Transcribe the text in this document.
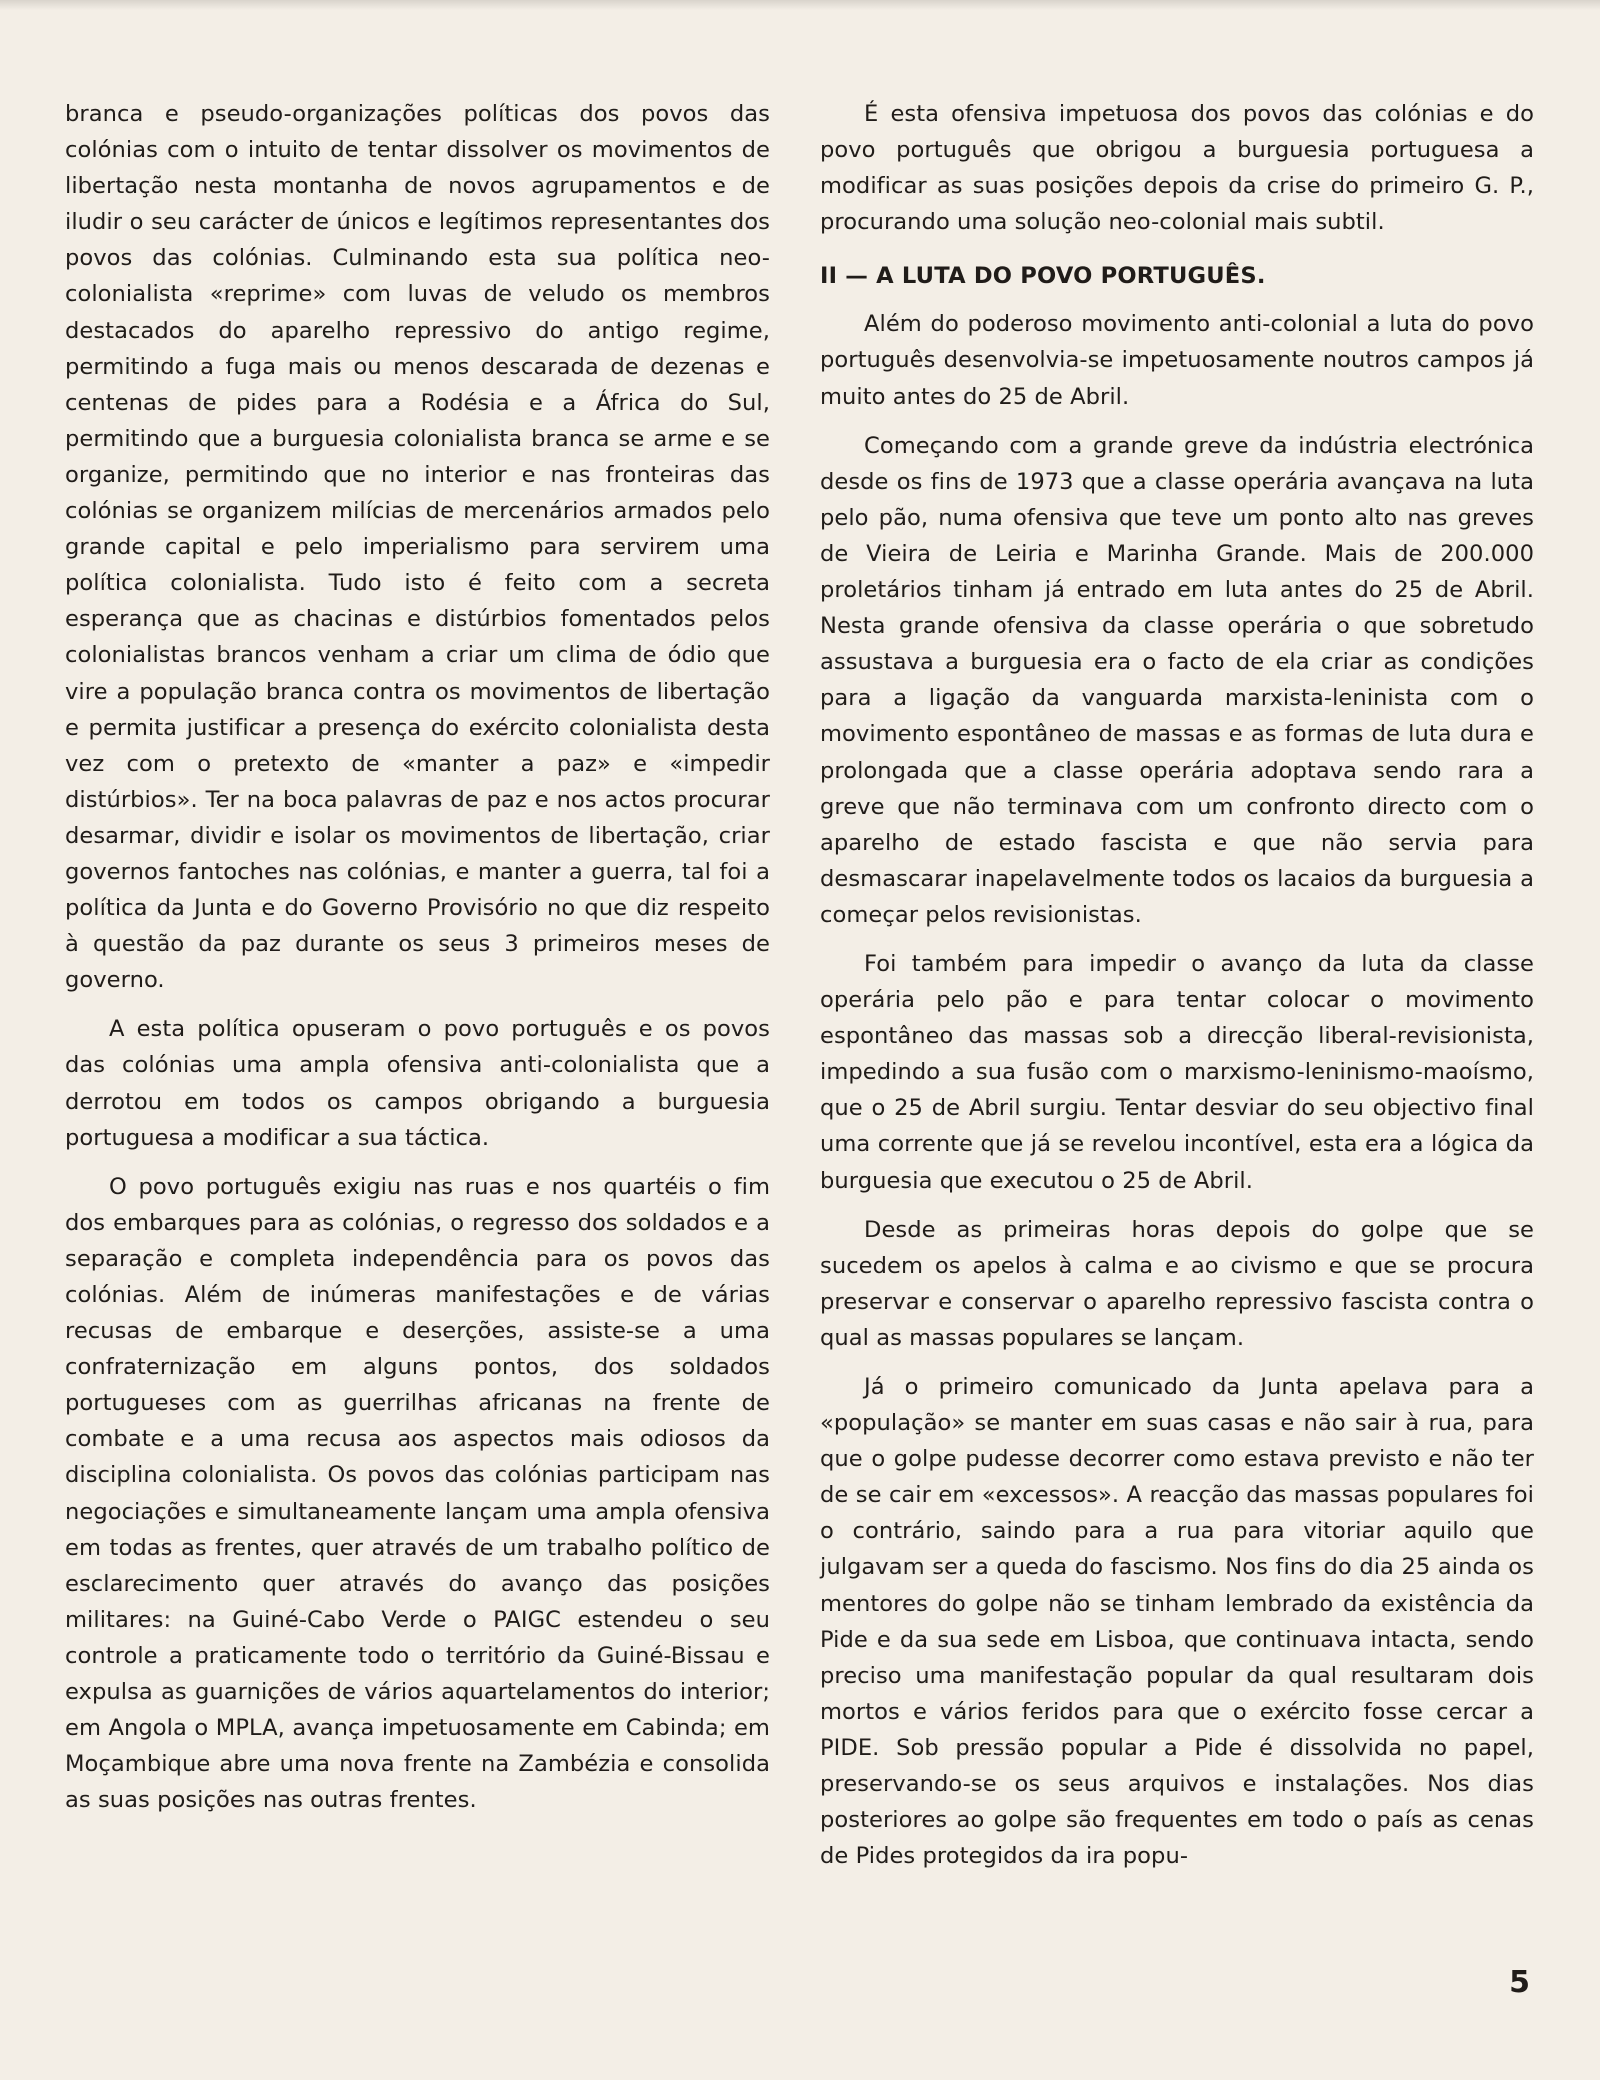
branca e pseudo-organizações políticas dos povos das colónias com o intuito de tentar dissolver os movimentos de libertação nesta montanha de novos agrupamentos e de iludir o seu carácter de únicos e legítimos representantes dos povos das colónias. Culminando esta sua política neo-colonialista «reprime» com luvas de veludo os membros destacados do aparelho repressivo do antigo regime, permitindo a fuga mais ou menos descarada de dezenas e centenas de pides para a Rodésia e a África do Sul, permitindo que a burguesia colonialista branca se arme e se organize, permitindo que no interior e nas fronteiras das colónias se organizem milícias de mercenários armados pelo grande capital e pelo imperialismo para servirem uma política colonialista. Tudo isto é feito com a secreta esperança que as chacinas e distúrbios fomentados pelos colonialistas brancos venham a criar um clima de ódio que vire a população branca contra os movimentos de libertação e permita justificar a presença do exército colonialista desta vez com o pretexto de «manter a paz» e «impedir distúrbios». Ter na boca palavras de paz e nos actos procurar desarmar, dividir e isolar os movimentos de libertação, criar governos fantoches nas colónias, e manter a guerra, tal foi a política da Junta e do Governo Provisório no que diz respeito à questão da paz durante os seus 3 primeiros meses de governo.

A esta política opuseram o povo português e os povos das colónias uma ampla ofensiva anti-colonialista que a derrotou em todos os campos obrigando a burguesia portuguesa a modificar a sua táctica.

O povo português exigiu nas ruas e nos quartéis o fim dos embarques para as colónias, o regresso dos soldados e a separação e completa independência para os povos das colónias. Além de inúmeras manifestações e de várias recusas de embarque e deserções, assiste-se a uma confraternização em alguns pontos, dos soldados portugueses com as guerrilhas africanas na frente de combate e a uma recusa aos aspectos mais odiosos da disciplina colonialista. Os povos das colónias participam nas negociações e simultaneamente lançam uma ampla ofensiva em todas as frentes, quer através de um trabalho político de esclarecimento quer através do avanço das posições militares: na Guiné-Cabo Verde o PAIGC estendeu o seu controle a praticamente todo o território da Guiné-Bissau e expulsa as guarnições de vários aquartelamentos do interior; em Angola o MPLA, avança impetuosamente em Cabinda; em Moçambique abre uma nova frente na Zambézia e consolida as suas posições nas outras frentes.

É esta ofensiva impetuosa dos povos das colónias e do povo português que obrigou a burguesia portuguesa a modificar as suas posições depois da crise do primeiro G. P., procurando uma solução neo-colonial mais subtil.

II — A LUTA DO POVO PORTUGUÊS.

Além do poderoso movimento anti-colonial a luta do povo português desenvolvia-se impetuosamente noutros campos já muito antes do 25 de Abril.

Começando com a grande greve da indústria electrónica desde os fins de 1973 que a classe operária avançava na luta pelo pão, numa ofensiva que teve um ponto alto nas greves de Vieira de Leiria e Marinha Grande. Mais de 200.000 proletários tinham já entrado em luta antes do 25 de Abril. Nesta grande ofensiva da classe operária o que sobretudo assustava a burguesia era o facto de ela criar as condições para a ligação da vanguarda marxista-leninista com o movimento espontâneo de massas e as formas de luta dura e prolongada que a classe operária adoptava sendo rara a greve que não terminava com um confronto directo com o aparelho de estado fascista e que não servia para desmascarar inapelavelmente todos os lacaios da burguesia a começar pelos revisionistas.

Foi também para impedir o avanço da luta da classe operária pelo pão e para tentar colocar o movimento espontâneo das massas sob a direcção liberal-revisionista, impedindo a sua fusão com o marxismo-leninismo-maoísmo, que o 25 de Abril surgiu. Tentar desviar do seu objectivo final uma corrente que já se revelou incontível, esta era a lógica da burguesia que executou o 25 de Abril.

Desde as primeiras horas depois do golpe que se sucedem os apelos à calma e ao civismo e que se procura preservar e conservar o aparelho repressivo fascista contra o qual as massas populares se lançam.

Já o primeiro comunicado da Junta apelava para a «população» se manter em suas casas e não sair à rua, para que o golpe pudesse decorrer como estava previsto e não ter de se cair em «excessos». A reacção das massas populares foi o contrário, saindo para a rua para vitoriar aquilo que julgavam ser a queda do fascismo. Nos fins do dia 25 ainda os mentores do golpe não se tinham lembrado da existência da Pide e da sua sede em Lisboa, que continuava intacta, sendo preciso uma manifestação popular da qual resultaram dois mortos e vários feridos para que o exército fosse cercar a PIDE. Sob pressão popular a Pide é dissolvida no papel, preservando-se os seus arquivos e instalações. Nos dias posteriores ao golpe são frequentes em todo o país as cenas de Pides protegidos da ira popu-

5
